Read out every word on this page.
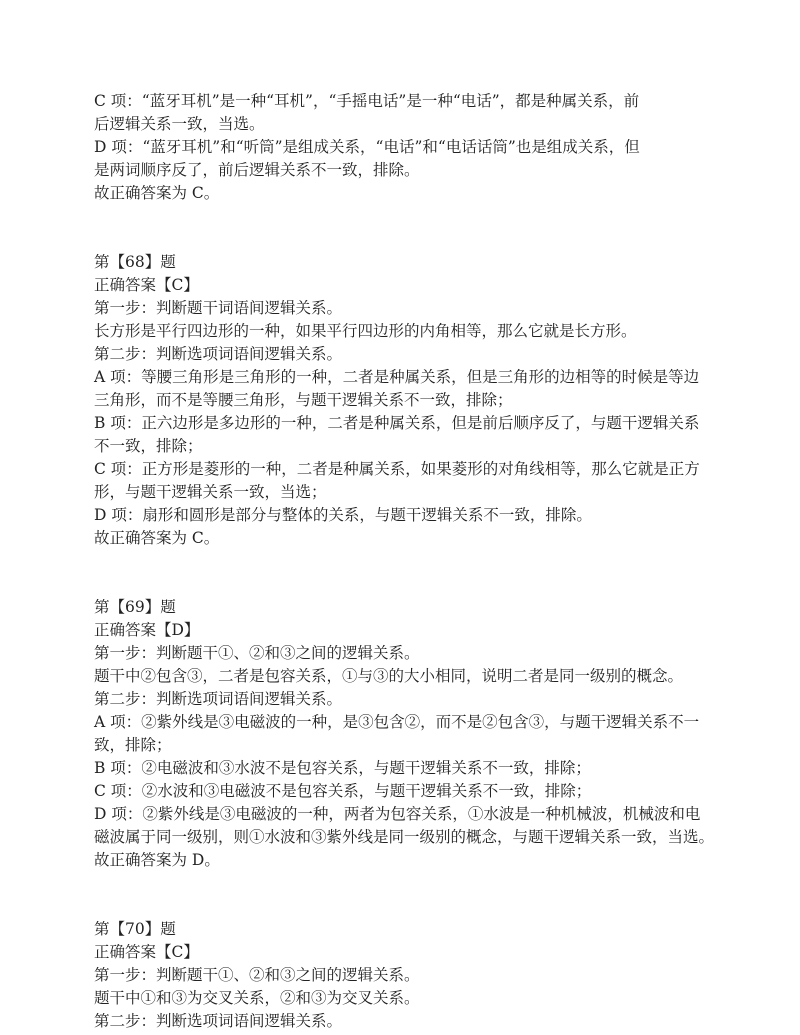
C 项：“蓝牙耳机”是一种“耳机”，“手摇电话”是一种“电话”，都是种属关系，前

后逻辑关系一致，当选。

D 项：“蓝牙耳机”和“听筒”是组成关系，“电话”和“电话话筒”也是组成关系，但

是两词顺序反了，前后逻辑关系不一致，排除。

故正确答案为 C。

第【68】题

正确答案【C】

第一步：判断题干词语间逻辑关系。

长方形是平行四边形的一种，如果平行四边形的内角相等，那么它就是长方形。

第二步：判断选项词语间逻辑关系。

A 项：等腰三角形是三角形的一种，二者是种属关系，但是三角形的边相等的时候是等边

三角形，而不是等腰三角形，与题干逻辑关系不一致，排除；

B 项：正六边形是多边形的一种，二者是种属关系，但是前后顺序反了，与题干逻辑关系

不一致，排除；

C 项：正方形是菱形的一种，二者是种属关系，如果菱形的对角线相等，那么它就是正方

形，与题干逻辑关系一致，当选；

D 项：扇形和圆形是部分与整体的关系，与题干逻辑关系不一致，排除。

故正确答案为 C。

第【69】题

正确答案【D】

第一步：判断题干①、②和③之间的逻辑关系。

题干中②包含③，二者是包容关系，①与③的大小相同，说明二者是同一级别的概念。

第二步：判断选项词语间逻辑关系。

A 项：②紫外线是③电磁波的一种，是③包含②，而不是②包含③，与题干逻辑关系不一

致，排除；

B 项：②电磁波和③水波不是包容关系，与题干逻辑关系不一致，排除；

C 项：②水波和③电磁波不是包容关系，与题干逻辑关系不一致，排除；

D 项：②紫外线是③电磁波的一种，两者为包容关系，①水波是一种机械波，机械波和电

磁波属于同一级别，则①水波和③紫外线是同一级别的概念，与题干逻辑关系一致，当选。

故正确答案为 D。

第【70】题

正确答案【C】

第一步：判断题干①、②和③之间的逻辑关系。

题干中①和③为交叉关系，②和③为交叉关系。

第二步：判断选项词语间逻辑关系。
